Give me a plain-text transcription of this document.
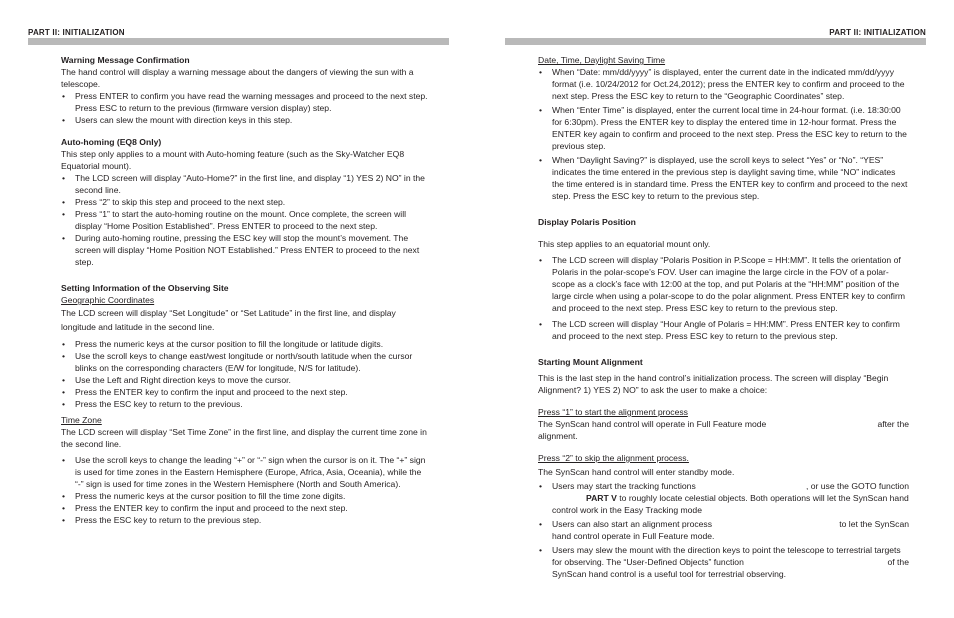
PART II: INITIALIZATION
Warning Message Confirmation

The hand control will display a warning message about the dangers of viewing the sun with a telescope.

• Press ENTER to confirm you have read the warning messages and proceed to the next step. Press ESC to return to the previous (firmware version display) step.
• Users can slew the mount with direction keys in this step.
Auto-homing (EQ8 Only)

This step only applies to a mount with Auto-homing feature (such as the Sky-Watcher EQ8 Equatorial mount).

• The LCD screen will display “Auto-Home?” in the first line, and display “1) YES 2) NO” in the second line.
• Press “2” to skip this step and proceed to the next step.
• Press “1” to start the auto-homing routine on the mount. Once complete, the screen will display “Home Position Established”. Press ENTER to proceed to the next step.
• During auto-homing routine, pressing the ESC key will stop the mount’s movement. The screen will display “Home Position NOT Established.” Press ENTER to proceed to the next step.
Setting Information of the Observing Site

Geographic Coordinates

The LCD screen will display “Set Longitude” or “Set Latitude” in the first line, and display longitude and latitude in the second line.

• Press the numeric keys at the cursor position to fill the longitude or latitude digits.
• Use the scroll keys to change east/west longitude or north/south latitude when the cursor blinks on the corresponding characters (E/W for longitude, N/S for latitude).
• Use the Left and Right direction keys to move the cursor.
• Press the ENTER key to confirm the input and proceed to the next step.
• Press the ESC key to return to the previous.

Time Zone

The LCD screen will display “Set Time Zone” in the first line, and display the current time zone in the second line.

• Use the scroll keys to change the leading “+” or “-” sign when the cursor is on it. The “+” sign is used for time zones in the Eastern Hemisphere (Europe, Africa, Asia, Oceania), while the “-” sign is used for time zones in the Western Hemisphere (North and South America).
• Press the numeric keys at the cursor position to fill the time zone digits.
• Press the ENTER key to confirm the input and proceed to the next step.
• Press the ESC key to return to the previous step.
PART II: INITIALIZATION

Date, Time, Daylight Saving Time

• When “Date: mm/dd/yyyy” is displayed, enter the current date in the indicated mm/dd/yyyy format (i.e. 10/24/2012 for Oct.24,2012); press the ENTER key to confirm and proceed to the next step. Press the ESC key to return to the “Geographic Coordinates” step.
• When “Enter Time” is displayed, enter the current local time in 24-hour format. (i.e. 18:30:00 for 6:30pm). Press the ENTER key to display the entered time in 12-hour format. Press the ENTER key again to confirm and proceed to the next step. Press the ESC key to return to the previous step.
• When “Daylight Saving?” is displayed, use the scroll keys to select “Yes” or “No”. “YES” indicates the time entered in the previous step is daylight saving time, while “NO” indicates the time entered is in standard time. Press the ENTER key to confirm and proceed to the next step. Press the ESC key to return to the previous step.
Display Polaris Position

This step applies to an equatorial mount only.

• The LCD screen will display “Polaris Position in P.Scope = HH:MM”. It tells the orientation of Polaris in the polar-scope’s FOV. User can imagine the large circle in the FOV of a polar-scope as a clock’s face with 12:00 at the top, and put Polaris at the “HH:MM” position of the large circle when using a polar-scope to do the polar alignment. Press ENTER key to confirm and proceed to the next step. Press ESC key to return to the previous step.
• The LCD screen will display “Hour Angle of Polaris = HH:MM”. Press ENTER key to confirm and proceed to the next step. Press ESC key to return to the previous step.
Starting Mount Alignment

This is the last step in the hand control’s initialization process. The screen will display “Begin Alignment? 1) YES 2) NO” to ask the user to make a choice:

Press “1” to start the alignment process

The SynScan hand control will operate in Full Feature mode	after the

alignment.

Press “2” to skip the alignment process.

The SynScan hand control will enter standby mode.

• Users may start the tracking functions	, or use the GOTO function
PART V to roughly locate celestial objects. Both operations will let the SynScan hand control work in the Easy Tracking mode
• Users can also start an alignment process	to let the SynScan
hand control operate in Full Feature mode.
• Users may slew the mount with the direction keys to point the telescope to terrestrial targets for observing. The “User-Defined Objects” function	of the
SynScan hand control is a useful tool for terrestrial observing.
